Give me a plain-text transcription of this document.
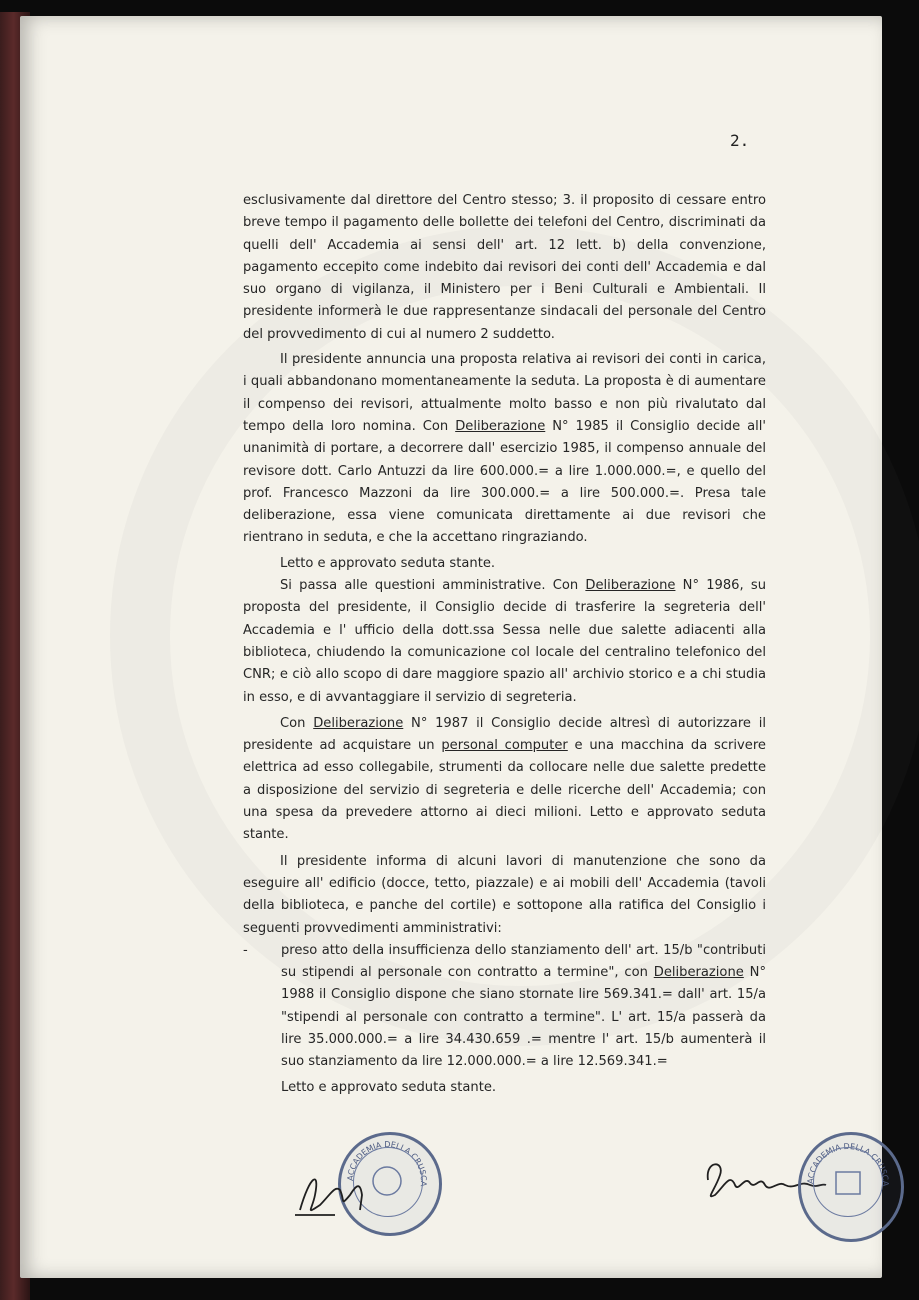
2.

esclusivamente dal direttore del Centro stesso; 3. il proposito di cessare entro breve tempo il pagamento delle bollette dei telefoni del Centro, discriminati da quelli dell' Accademia ai sensi dell' art. 12 lett. b) della convenzione, pagamento eccepito come indebito dai revisori dei conti dell' Accademia e dal suo organo di vigilanza, il Ministero per i Beni Culturali e Ambientali. Il presidente informerà le due rappresentanze sindacali del personale del Centro del provvedimento di cui al numero 2 suddetto.

Il presidente annuncia una proposta relativa ai revisori dei conti in carica, i quali abbandonano momentaneamente la seduta. La proposta è di aumentare il compenso dei revisori, attualmente molto basso e non più rivalutato dal tempo della loro nomina. Con Deliberazione N° 1985 il Consiglio decide all' unanimità di portare, a decorrere dall' esercizio 1985, il compenso annuale del revisore dott. Carlo Antuzzi da lire 600.000.= a lire 1.000.000.=, e quello del prof. Francesco Mazzoni da lire 300.000.= a lire 500.000.=. Presa tale deliberazione, essa viene comunicata direttamente ai due revisori che rientrano in seduta, e che la accettano ringraziando.

Letto e approvato seduta stante.

Si passa alle questioni amministrative. Con Deliberazione N° 1986, su proposta del presidente, il Consiglio decide di trasferire la segreteria dell' Accademia e l' ufficio della dott.ssa Sessa nelle due salette adiacenti alla biblioteca, chiudendo la comunicazione col locale del centralino telefonico del CNR; e ciò allo scopo di dare maggiore spazio all' archivio storico e a chi studia in esso, e di avvantaggiare il servizio di segreteria.

Con Deliberazione N° 1987 il Consiglio decide altresì di autorizzare il presidente ad acquistare un personal computer e una macchina da scrivere elettrica ad esso collegabile, strumenti da collocare nelle due salette predette a disposizione del servizio di segreteria e delle ricerche dell' Accademia; con una spesa da prevedere attorno ai dieci milioni. Letto e approvato seduta stante.

Il presidente informa di alcuni lavori di manutenzione che sono da eseguire all' edificio (docce, tetto, piazzale) e ai mobili dell' Accademia (tavoli della biblioteca, e panche del cortile) e sottopone alla ratifica del Consiglio i seguenti provvedimenti amministrativi:

-	preso atto della insufficienza dello stanziamento dell' art. 15/b "contributi su stipendi al personale con contratto a termine", con Deliberazione N° 1988 il Consiglio dispone che siano stornate lire 569.341.= dall' art. 15/a "stipendi al personale con contratto a termine". L' art. 15/a passerà da lire 35.000.000.= a lire 34.430.659 .= mentre l' art. 15/b aumenterà il suo stanziamento da lire 12.000.000.= a lire 12.569.341.=

Letto e approvato seduta stante.

ACCADEMIA DELLA CRUSCA	ACCADEMIA DELLA CRUSCA
